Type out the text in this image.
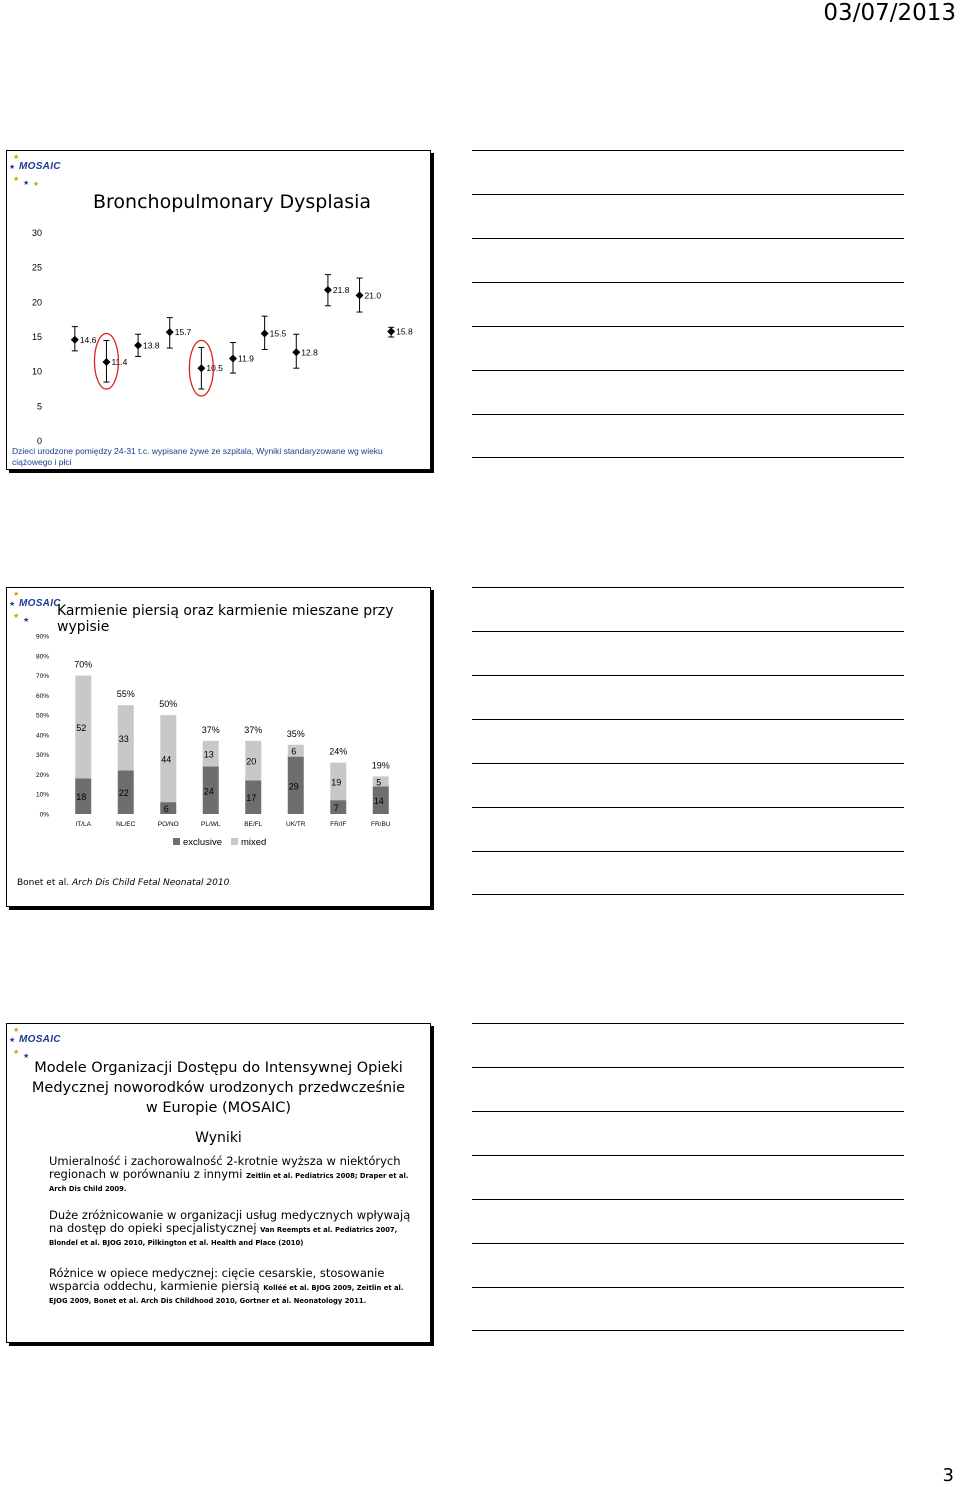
03/07/2013
★
★
★
★ ★
MOSAIC
Bronchopulmonary Dysplasia
0
5
10
15
20
25
30
14.6
11.4
13.8
15.7
10.5
11.9
15.5
12.8
21.8
21.0
15.8
Dzieci urodzone pomiędzy 24-31 t.c. wypisane żywe ze szpitala, Wyniki standaryzowane wg wieku ciążowego i płci
★
★
★
★
MOSAIC
Karmienie piersią oraz karmienie mieszane przy wypisie
0%
10%
20%
30%
40%
50%
60%
70%
80%
90%
18
52
70%
IT/LA
22
33
55%
NL/EC
6
44
50%
PO/NO
24
13
37%
PL/WL
17
20
37%
BE/FL
29
6
35%
UK/TR
7
19
24%
FR/IF
14
5
19%
FR/BU
exclusive mixed
Bonet et al. Arch Dis Child Fetal Neonatal 2010
★
★
★
★
MOSAIC
Modele Organizacji Dostępu do Intensywnej Opieki
Medycznej noworodków urodzonych przedwcześnie
w Europie (MOSAIC)
Wyniki
Umieralność i zachorowalność 2-krotnie wyższa w niektórych regionach w porównaniu z innymi Zeitlin et al. Pediatrics 2008; Draper et al. Arch Dis Child 2009.
Duże zróżnicowanie w organizacji usług medycznych wpływają na dostęp do opieki specjalistycznej Van Reempts et al. Pediatrics 2007, Blondel et al. BJOG 2010, Pilkington et al. Health and Place (2010)
Różnice w opiece medycznej: cięcie cesarskie, stosowanie wsparcia oddechu, karmienie piersią Kolléé et al. BJOG 2009, Zeitlin et al. EJOG 2009, Bonet et al. Arch Dis Childhood 2010, Gortner et al. Neonatology 2011.
3
